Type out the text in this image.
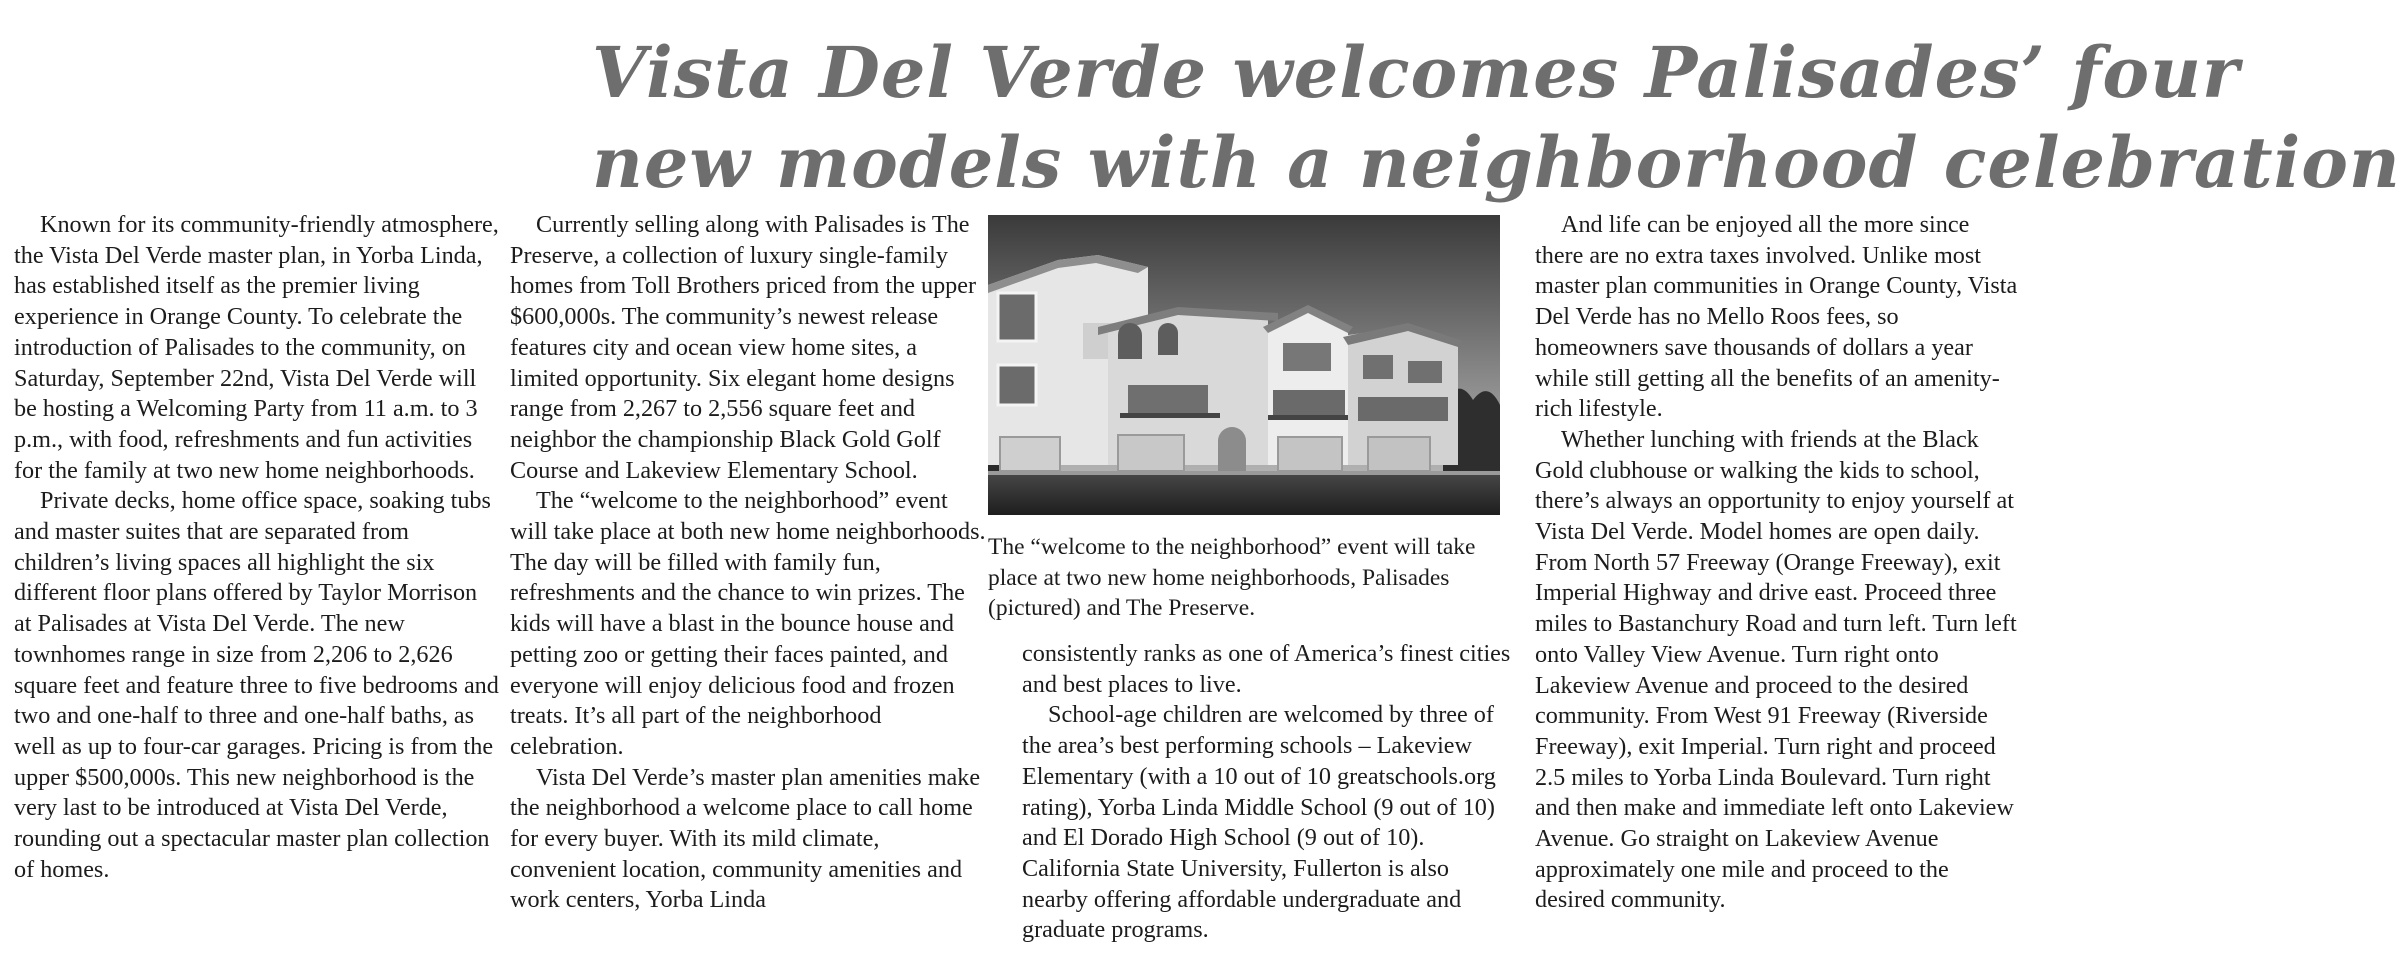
Vista Del Verde welcomes Palisades’ four
new models with a neighborhood celebration

Known for its community-friendly atmosphere, the Vista Del Verde master plan, in Yorba Linda, has established itself as the premier living experience in Orange County. To celebrate the introduction of Palisades to the community, on Saturday, September 22nd, Vista Del Verde will be hosting a Welcoming Party from 11 a.m. to 3 p.m., with food, refreshments and fun activities for the family at two new home neighborhoods.

Private decks, home office space, soaking tubs and master suites that are separated from children’s living spaces all highlight the six different floor plans offered by Taylor Morrison at Palisades at Vista Del Verde. The new townhomes range in size from 2,206 to 2,626 square feet and feature three to five bedrooms and two and one-half to three and one-half baths, as well as up to four-car garages. Pricing is from the upper $500,000s. This new neighborhood is the very last to be introduced at Vista Del Verde, rounding out a spectacular master plan collection of homes.

Currently selling along with Palisades is The Preserve, a collection of luxury single-family homes from Toll Brothers priced from the upper $600,000s. The community’s newest release features city and ocean view home sites, a limited opportunity. Six elegant home designs range from 2,267 to 2,556 square feet and neighbor the championship Black Gold Golf Course and Lakeview Elementary School.

The “welcome to the neighborhood” event will take place at both new home neighborhoods. The day will be filled with family fun, refreshments and the chance to win prizes. The kids will have a blast in the bounce house and petting zoo or getting their faces painted, and everyone will enjoy delicious food and frozen treats. It’s all part of the neighborhood celebration.

Vista Del Verde’s master plan amenities make the neighborhood a welcome place to call home for every buyer. With its mild climate, convenient location, community amenities and work centers, Yorba Linda

The “welcome to the neighborhood” event will take place at two new home neighborhoods, Palisades (pictured) and The Preserve.

consistently ranks as one of America’s finest cities and best places to live.

School-age children are welcomed by three of the area’s best performing schools – Lakeview Elementary (with a 10 out of 10 greatschools.org rating), Yorba Linda Middle School (9 out of 10) and El Dorado High School (9 out of 10). California State University, Fullerton is also nearby offering affordable undergraduate and graduate programs.

And life can be enjoyed all the more since there are no extra taxes involved. Unlike most master plan communities in Orange County, Vista Del Verde has no Mello Roos fees, so homeowners save thousands of dollars a year while still getting all the benefits of an amenity-rich lifestyle.

Whether lunching with friends at the Black Gold clubhouse or walking the kids to school, there’s always an opportunity to enjoy yourself at Vista Del Verde. Model homes are open daily. From North 57 Freeway (Orange Freeway), exit Imperial Highway and drive east. Proceed three miles to Bastanchury Road and turn left. Turn left onto Valley View Avenue. Turn right onto Lakeview Avenue and proceed to the desired community. From West 91 Freeway (Riverside Freeway), exit Imperial. Turn right and proceed 2.5 miles to Yorba Linda Boulevard. Turn right and then make and immediate left onto Lakeview Avenue. Go straight on Lakeview Avenue approximately one mile and proceed to the desired community.
